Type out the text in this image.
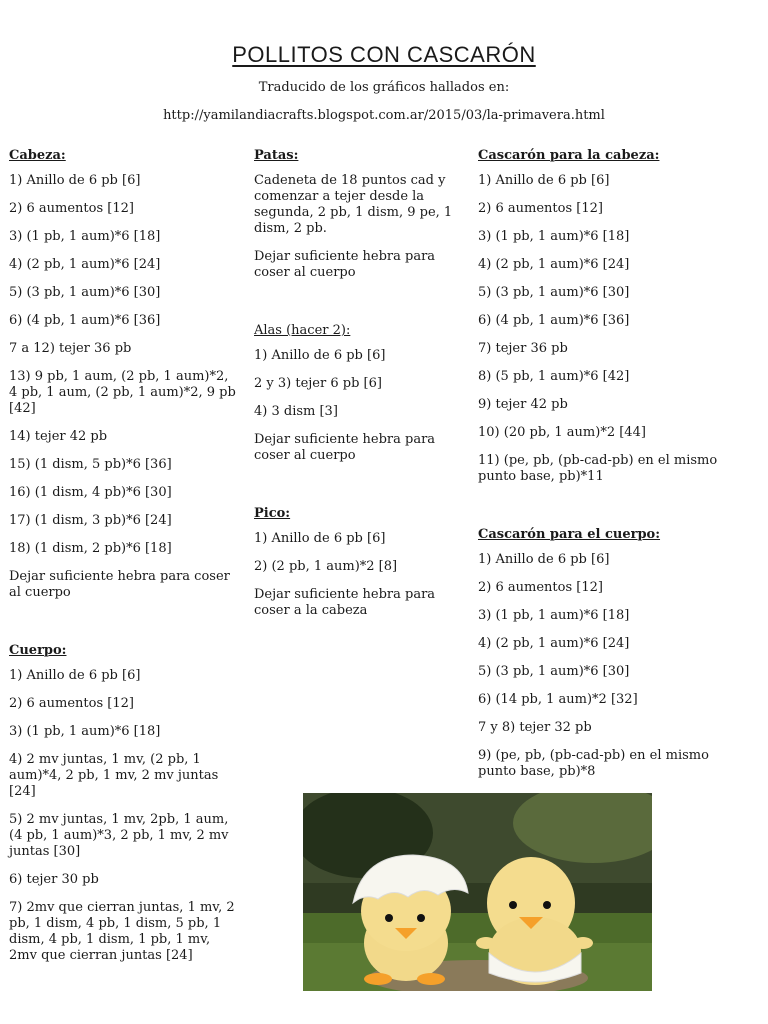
POLLITOS CON CASCARÓN
Traducido de los gráficos hallados en:
http://yamilandiacrafts.blogspot.com.ar/2015/03/la-primavera.html
Cabeza:
1) Anillo de 6 pb [6]
2) 6 aumentos [12]
3) (1 pb, 1 aum)*6 [18]
4) (2 pb, 1 aum)*6 [24]
5) (3 pb, 1 aum)*6 [30]
6) (4 pb, 1 aum)*6 [36]
7 a 12) tejer 36 pb
13) 9 pb, 1 aum, (2 pb, 1 aum)*2, 4 pb, 1 aum, (2 pb, 1 aum)*2, 9 pb [42]
14) tejer 42 pb
15) (1 dism, 5 pb)*6 [36]
16) (1 dism, 4 pb)*6 [30]
17) (1 dism, 3 pb)*6 [24]
18) (1 dism, 2 pb)*6 [18]
Dejar suficiente hebra para coser al cuerpo
Cuerpo:
1) Anillo de 6 pb [6]
2) 6 aumentos [12]
3) (1 pb, 1 aum)*6 [18]
4) 2 mv juntas, 1 mv, (2 pb, 1 aum)*4, 2 pb, 1 mv, 2 mv juntas [24]
5) 2 mv juntas, 1 mv, 2pb, 1 aum, (4 pb, 1 aum)*3, 2 pb, 1 mv, 2 mv juntas [30]
6) tejer 30 pb
7) 2mv que cierran juntas, 1 mv, 2 pb, 1 dism, 4 pb, 1 dism, 5 pb, 1 dism, 4 pb, 1 dism, 1 pb, 1 mv, 2mv que cierran juntas [24]
Patas:
Cadeneta de 18 puntos cad y comenzar a tejer desde la segunda, 2 pb, 1 dism, 9 pe, 1 dism, 2 pb.
Dejar suficiente hebra para coser al cuerpo
Alas (hacer 2):
1) Anillo de 6 pb [6]
2 y 3) tejer 6 pb [6]
4) 3 dism [3]
Dejar suficiente hebra para coser al cuerpo
Pico:
1) Anillo de 6 pb [6]
2) (2 pb, 1 aum)*2 [8]
Dejar suficiente hebra para coser a la cabeza
Cascarón para la cabeza:
1) Anillo de 6 pb [6]
2) 6 aumentos [12]
3) (1 pb, 1 aum)*6 [18]
4) (2 pb, 1 aum)*6 [24]
5) (3 pb, 1 aum)*6 [30]
6) (4 pb, 1 aum)*6 [36]
7) tejer 36 pb
8) (5 pb, 1 aum)*6 [42]
9) tejer 42 pb
10) (20 pb, 1 aum)*2 [44]
11) (pe, pb, (pb-cad-pb) en el mismo punto base, pb)*11
Cascarón para el cuerpo:
1) Anillo de 6 pb [6]
2) 6 aumentos [12]
3) (1 pb, 1 aum)*6 [18]
4) (2 pb, 1 aum)*6 [24]
5) (3 pb, 1 aum)*6 [30]
6) (14 pb, 1 aum)*2 [32]
7 y 8) tejer 32 pb
9) (pe, pb, (pb-cad-pb) en el mismo punto base, pb)*8
